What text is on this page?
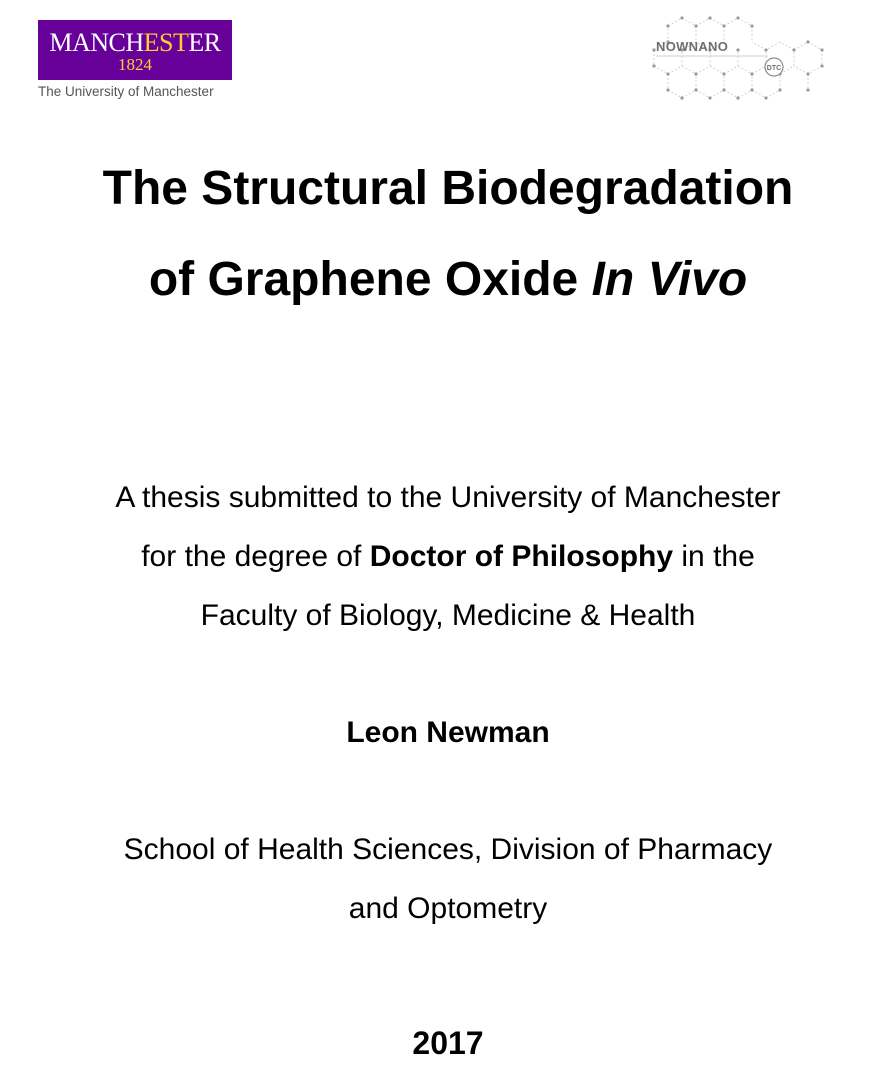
MANCHESTER
1824
The University of Manchester
NOWNANO
DTC
The Structural Biodegradation
of Graphene Oxide In Vivo
A thesis submitted to the University of Manchester
for the degree of Doctor of Philosophy in the
Faculty of Biology, Medicine & Health
Leon Newman
School of Health Sciences, Division of Pharmacy
and Optometry
2017
